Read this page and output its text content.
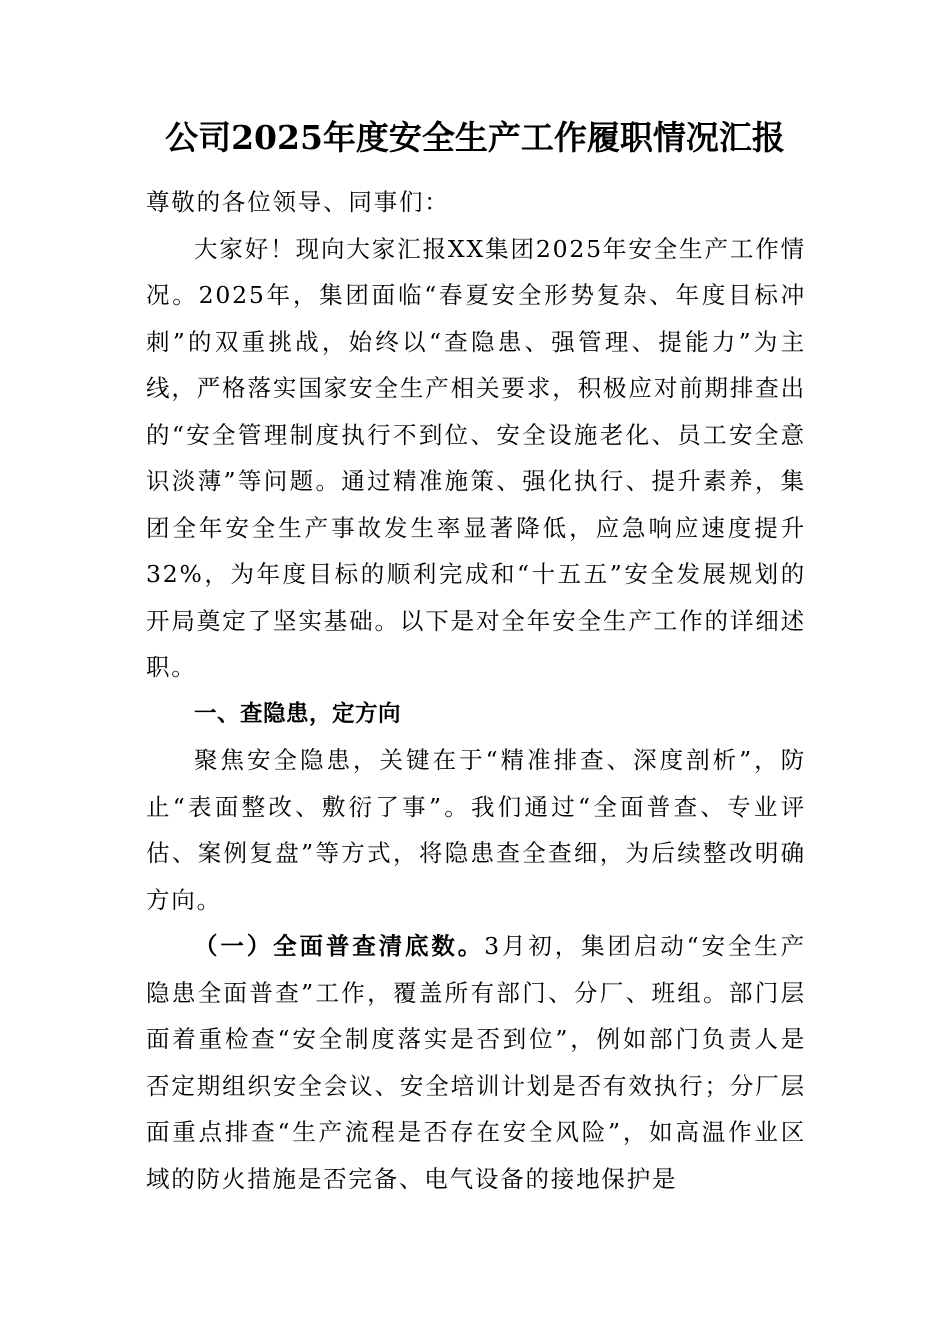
公司2025年度安全生产工作履职情况汇报

尊敬的各位领导、同事们：

大家好！现向大家汇报XX集团2025年安全生产工作情况。2025年，集团面临“春夏安全形势复杂、年度目标冲刺”的双重挑战，始终以“查隐患、强管理、提能力”为主线，严格落实国家安全生产相关要求，积极应对前期排查出的“安全管理制度执行不到位、安全设施老化、员工安全意识淡薄”等问题。通过精准施策、强化执行、提升素养，集团全年安全生产事故发生率显著降低，应急响应速度提升32%，为年度目标的顺利完成和“十五五”安全发展规划的开局奠定了坚实基础。以下是对全年安全生产工作的详细述职。

一、查隐患，定方向

聚焦安全隐患，关键在于“精准排查、深度剖析”，防止“表面整改、敷衍了事”。我们通过“全面普查、专业评估、案例复盘”等方式，将隐患查全查细，为后续整改明确方向。

（一）全面普查清底数。3月初，集团启动“安全生产隐患全面普查”工作，覆盖所有部门、分厂、班组。部门层面着重检查“安全制度落实是否到位”，例如部门负责人是否定期组织安全会议、安全培训计划是否有效执行；分厂层面重点排查“生产流程是否存在安全风险”，如高温作业区域的防火措施是否完备、电气设备的接地保护是
